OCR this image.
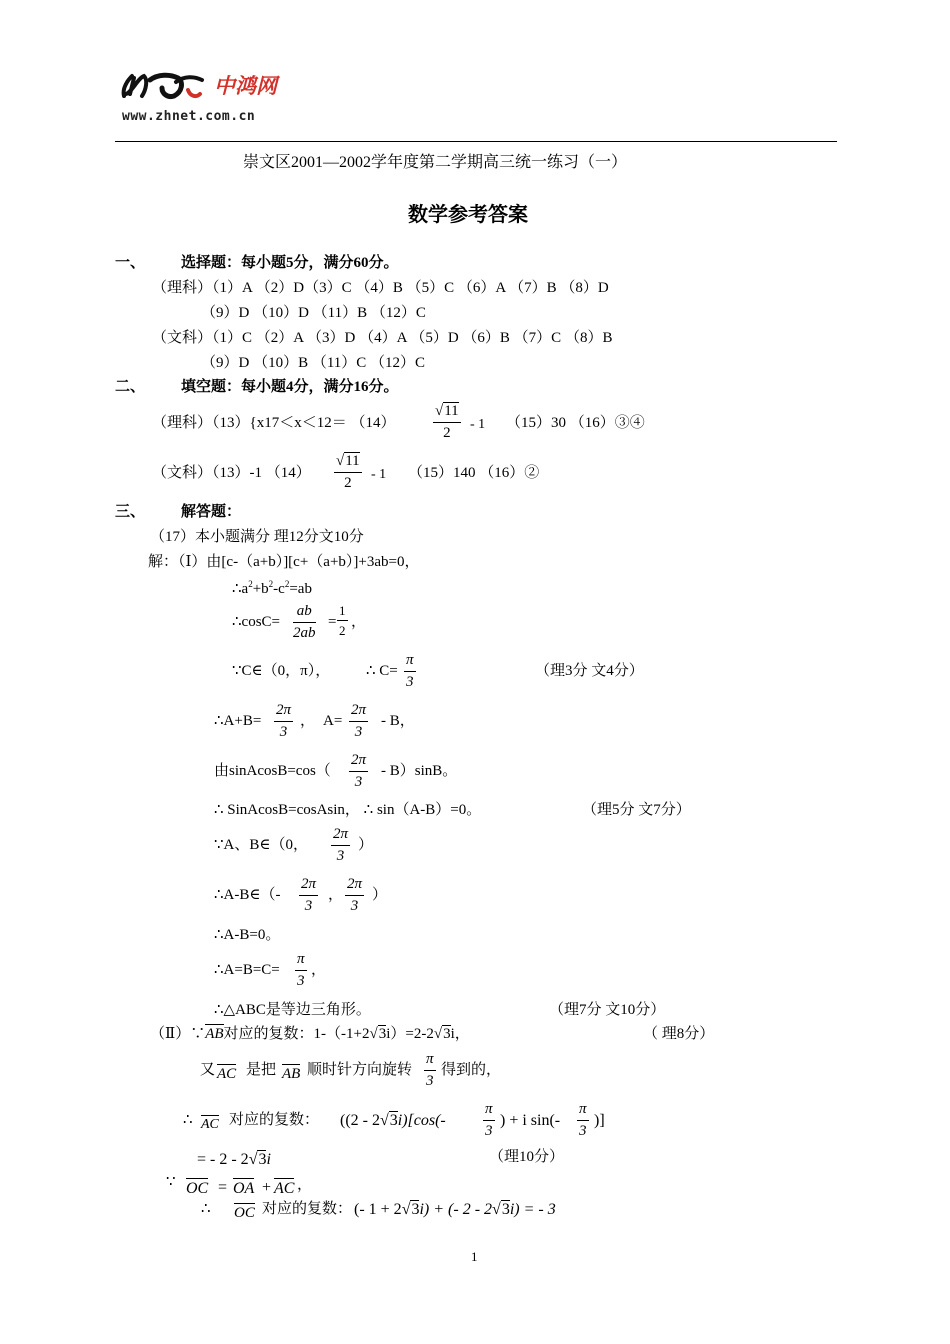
中鸿网
www.zhnet.com.cn
崇文区2001—2002学年度第二学期高三统一练习（一）
数学参考答案
一、 选择题：每小题5分，满分60分。
（理科）（1）A （2）D（3）C （4）B （5）C （6）A （7）B （8）D
（9）D （10）D （11）B （12）C
（文科）（1）C （2）A （3）D （4）A （5）D （6）B （7）C （8）B
（9）D （10）B （11）C （12）C
二、 填空题：每小题4分，满分16分。
（理科）（13）{x17＜x＜12＝ （14）	$\frac{√11}{2} - 1$ （15）30 （16）③④
（文科）（13）-1 $(14) \frac{√11}{2} - 1$ （15）140 （16）②
三、 解答题：
（17）本小题满分 理12分文10分
解：（Ⅰ）由[c-（a+b）][c+（a+b）]+3ab=0，
$\therefore a^2+b^2-c^2=ab$
∴cosC= $\frac{ab}{2ab} = \frac{1}{2}$ ，
∵C∈（0，π）， ∴ $C= \frac{\pi}{3}$	（理3分 文4分）
∴A+B= $\frac{2\pi}{3}$ ， $A= \frac{2\pi}{3} - B$，
由sinAcosB=cos（ $\frac{2\pi}{3} - B)\sin B$。
∴ SinAcosB=cosAsin， ∴ sin（A-B）=0。	（理5分 文7分）
∵A、B∈（0， $\frac{2\pi}{3}$ ）
∴A-B∈（- $\frac{2\pi}{3}$ ， $\frac{2\pi}{3}$ ）
∴A-B=0。
∴A=B=C= $\frac{\pi}{3}$ ，
∴△ABC是等边三角形。	（理7分 文10分）
（Ⅱ）∵AB对应的复数：1-（-1+2√3i）=2-2√3i，	（ 理8分）
又 AC 是把 AB 顺时针方向旋转 $\frac{\pi}{3}$ 得到的，
∴ AC 对应的复数： ($(2 - 2√3i)[\cos(- \frac{\pi}{3}$ ) + i $\sin(- \frac{\pi}{3}$ )]
= - 2 - 2√3i	（理10分）
∵ OC = OA + AC ，
∴ OC 对应的复数： (- 1 + 2√3i) + (- 2 - 2√3i) = - 3
1
